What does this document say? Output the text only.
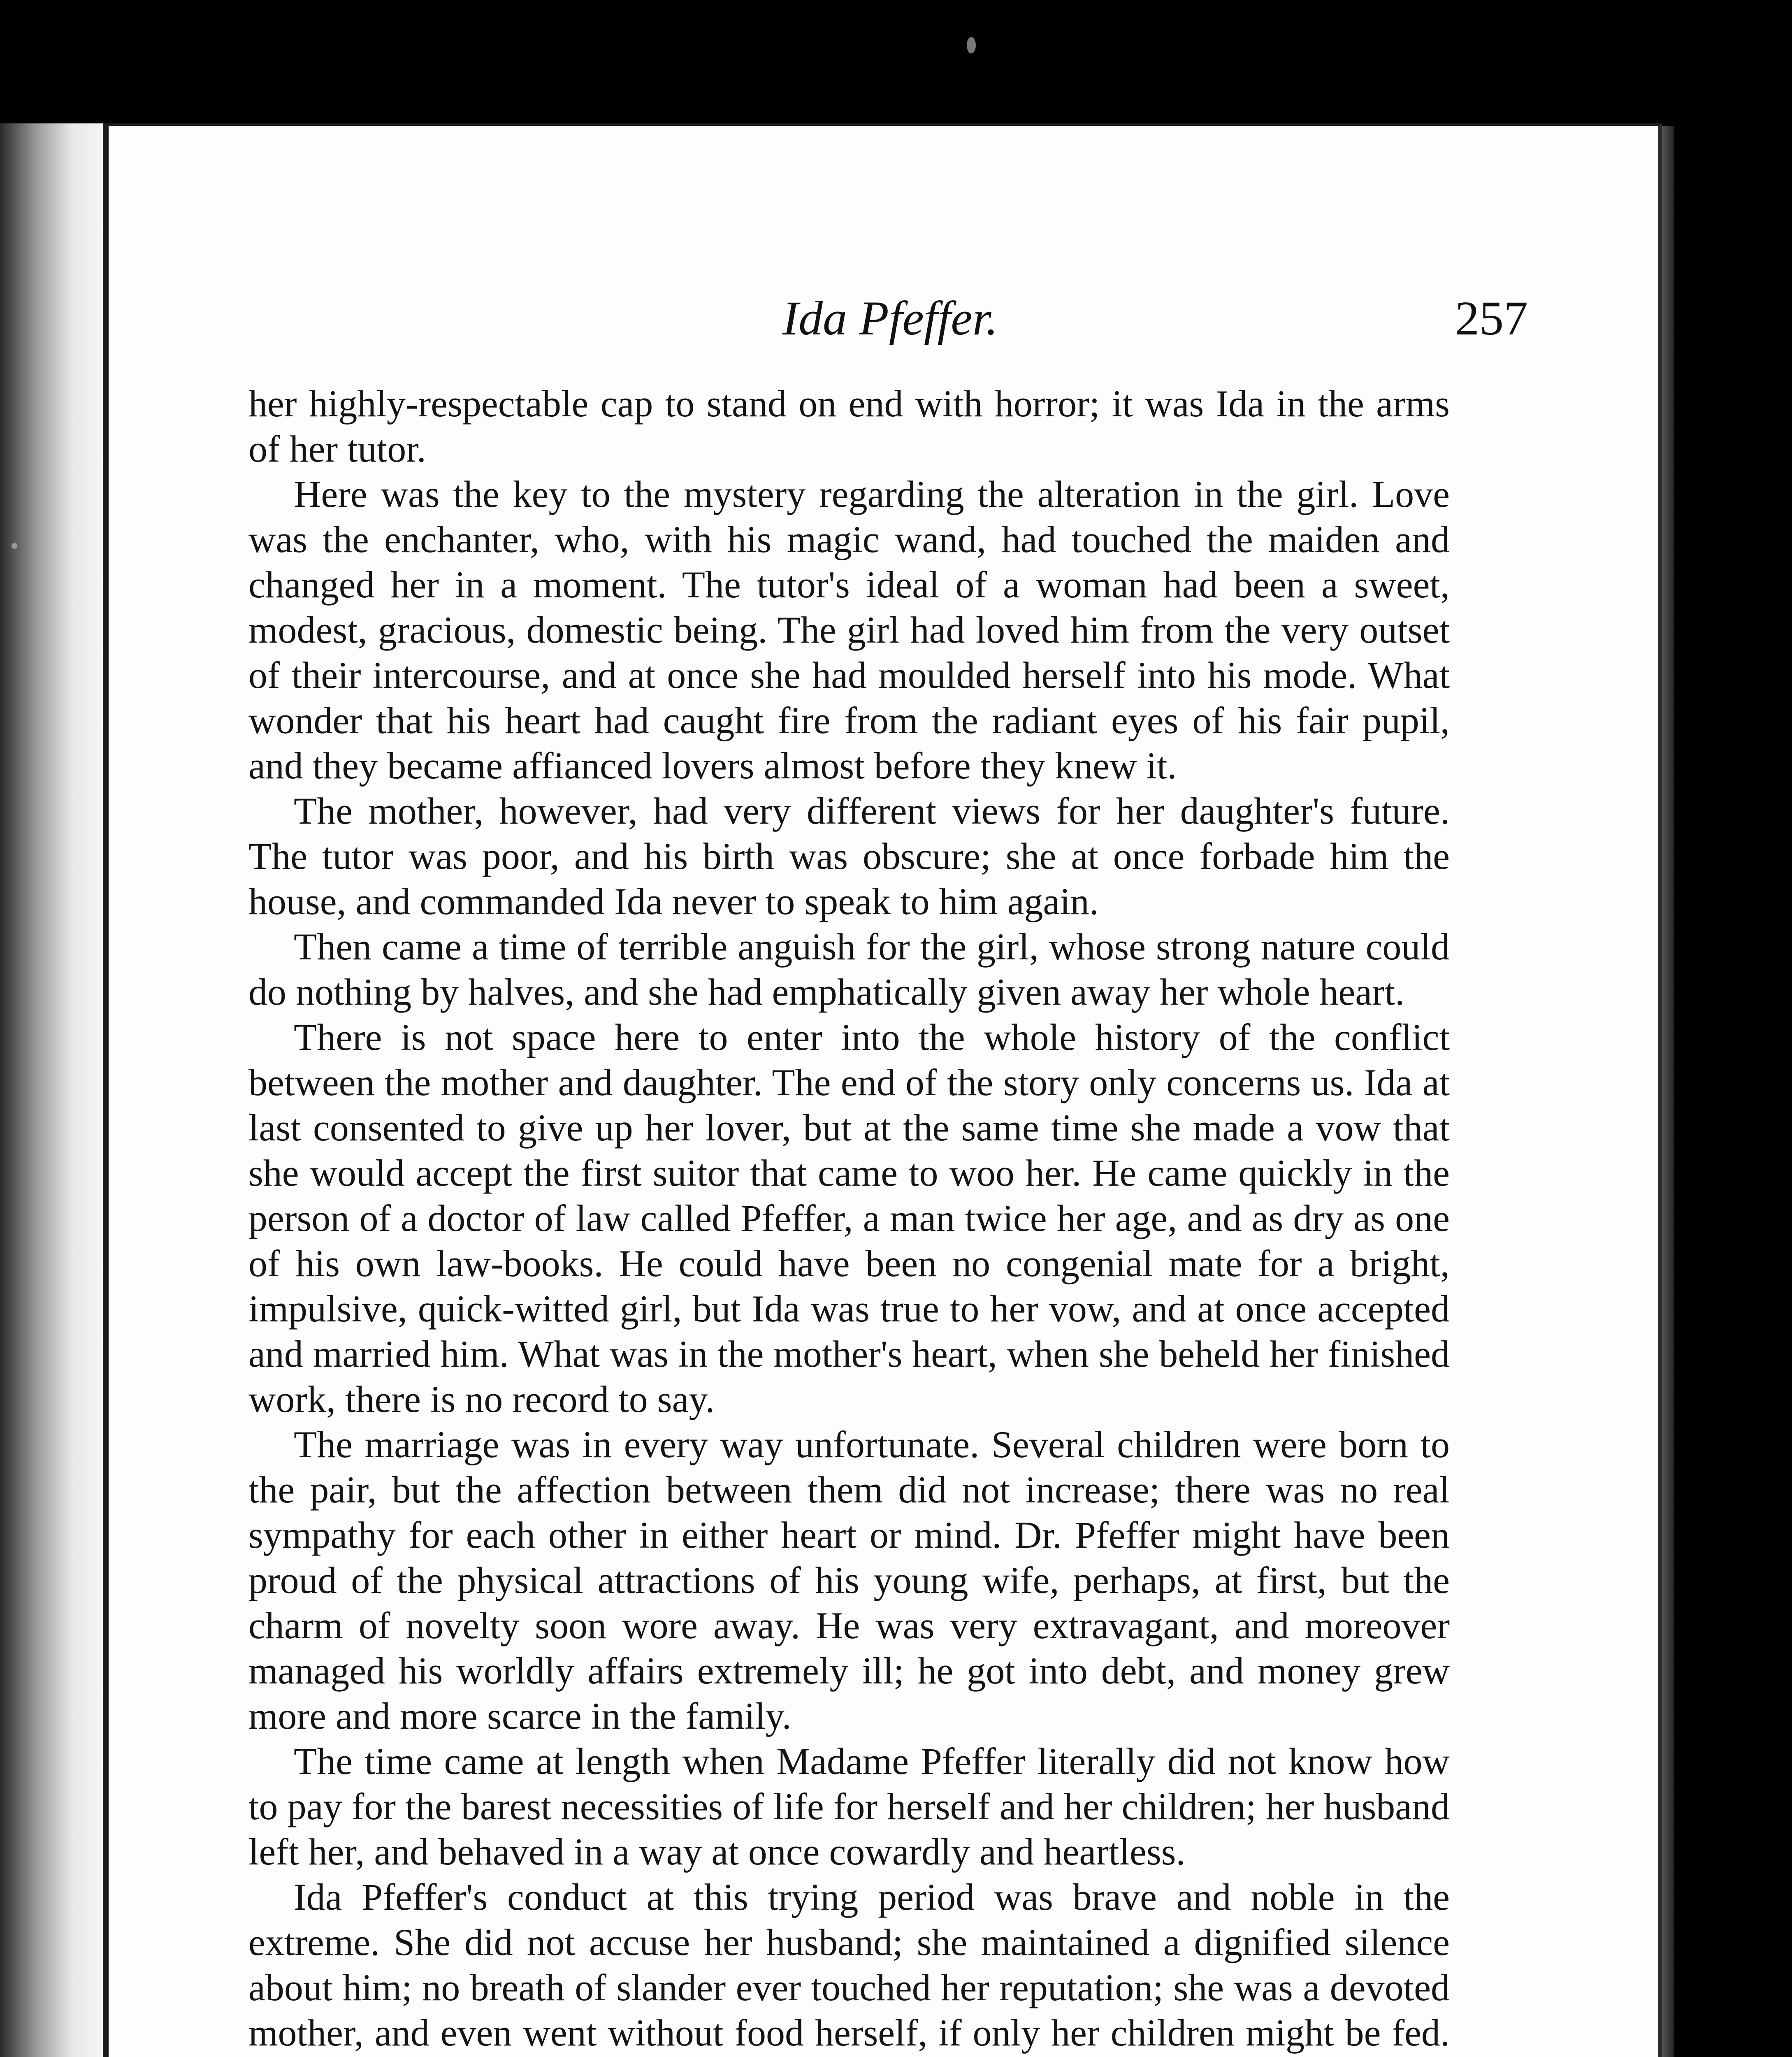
Ida Pfeffer.	257

her highly-respectable cap to stand on end with horror; it was Ida in the arms of her tutor.

Here was the key to the mystery regarding the alteration in the girl. Love was the enchanter, who, with his magic wand, had touched the maiden and changed her in a moment. The tutor's ideal of a woman had been a sweet, modest, gracious, domestic being. The girl had loved him from the very outset of their intercourse, and at once she had moulded herself into his mode. What wonder that his heart had caught fire from the radiant eyes of his fair pupil, and they became affianced lovers almost before they knew it.

The mother, however, had very different views for her daughter's future. The tutor was poor, and his birth was obscure; she at once forbade him the house, and commanded Ida never to speak to him again.

Then came a time of terrible anguish for the girl, whose strong nature could do nothing by halves, and she had emphatically given away her whole heart.

There is not space here to enter into the whole history of the conflict between the mother and daughter. The end of the story only concerns us. Ida at last consented to give up her lover, but at the same time she made a vow that she would accept the first suitor that came to woo her. He came quickly in the person of a doctor of law called Pfeffer, a man twice her age, and as dry as one of his own law-books. He could have been no congenial mate for a bright, impulsive, quick-witted girl, but Ida was true to her vow, and at once accepted and married him. What was in the mother's heart, when she beheld her finished work, there is no record to say.

The marriage was in every way unfortunate. Several children were born to the pair, but the affection between them did not increase; there was no real sympathy for each other in either heart or mind. Dr. Pfeffer might have been proud of the physical attractions of his young wife, perhaps, at first, but the charm of novelty soon wore away. He was very extravagant, and moreover managed his worldly affairs extremely ill; he got into debt, and money grew more and more scarce in the family.

The time came at length when Madame Pfeffer literally did not know how to pay for the barest necessities of life for herself and her children; her husband left her, and behaved in a way at once cowardly and heartless.

Ida Pfeffer's conduct at this trying period was brave and noble in the extreme. She did not accuse her husband; she maintained a dignified silence about him; no breath of slander ever touched her reputation; she was a devoted mother, and even went without food herself, if only her children might be fed.
